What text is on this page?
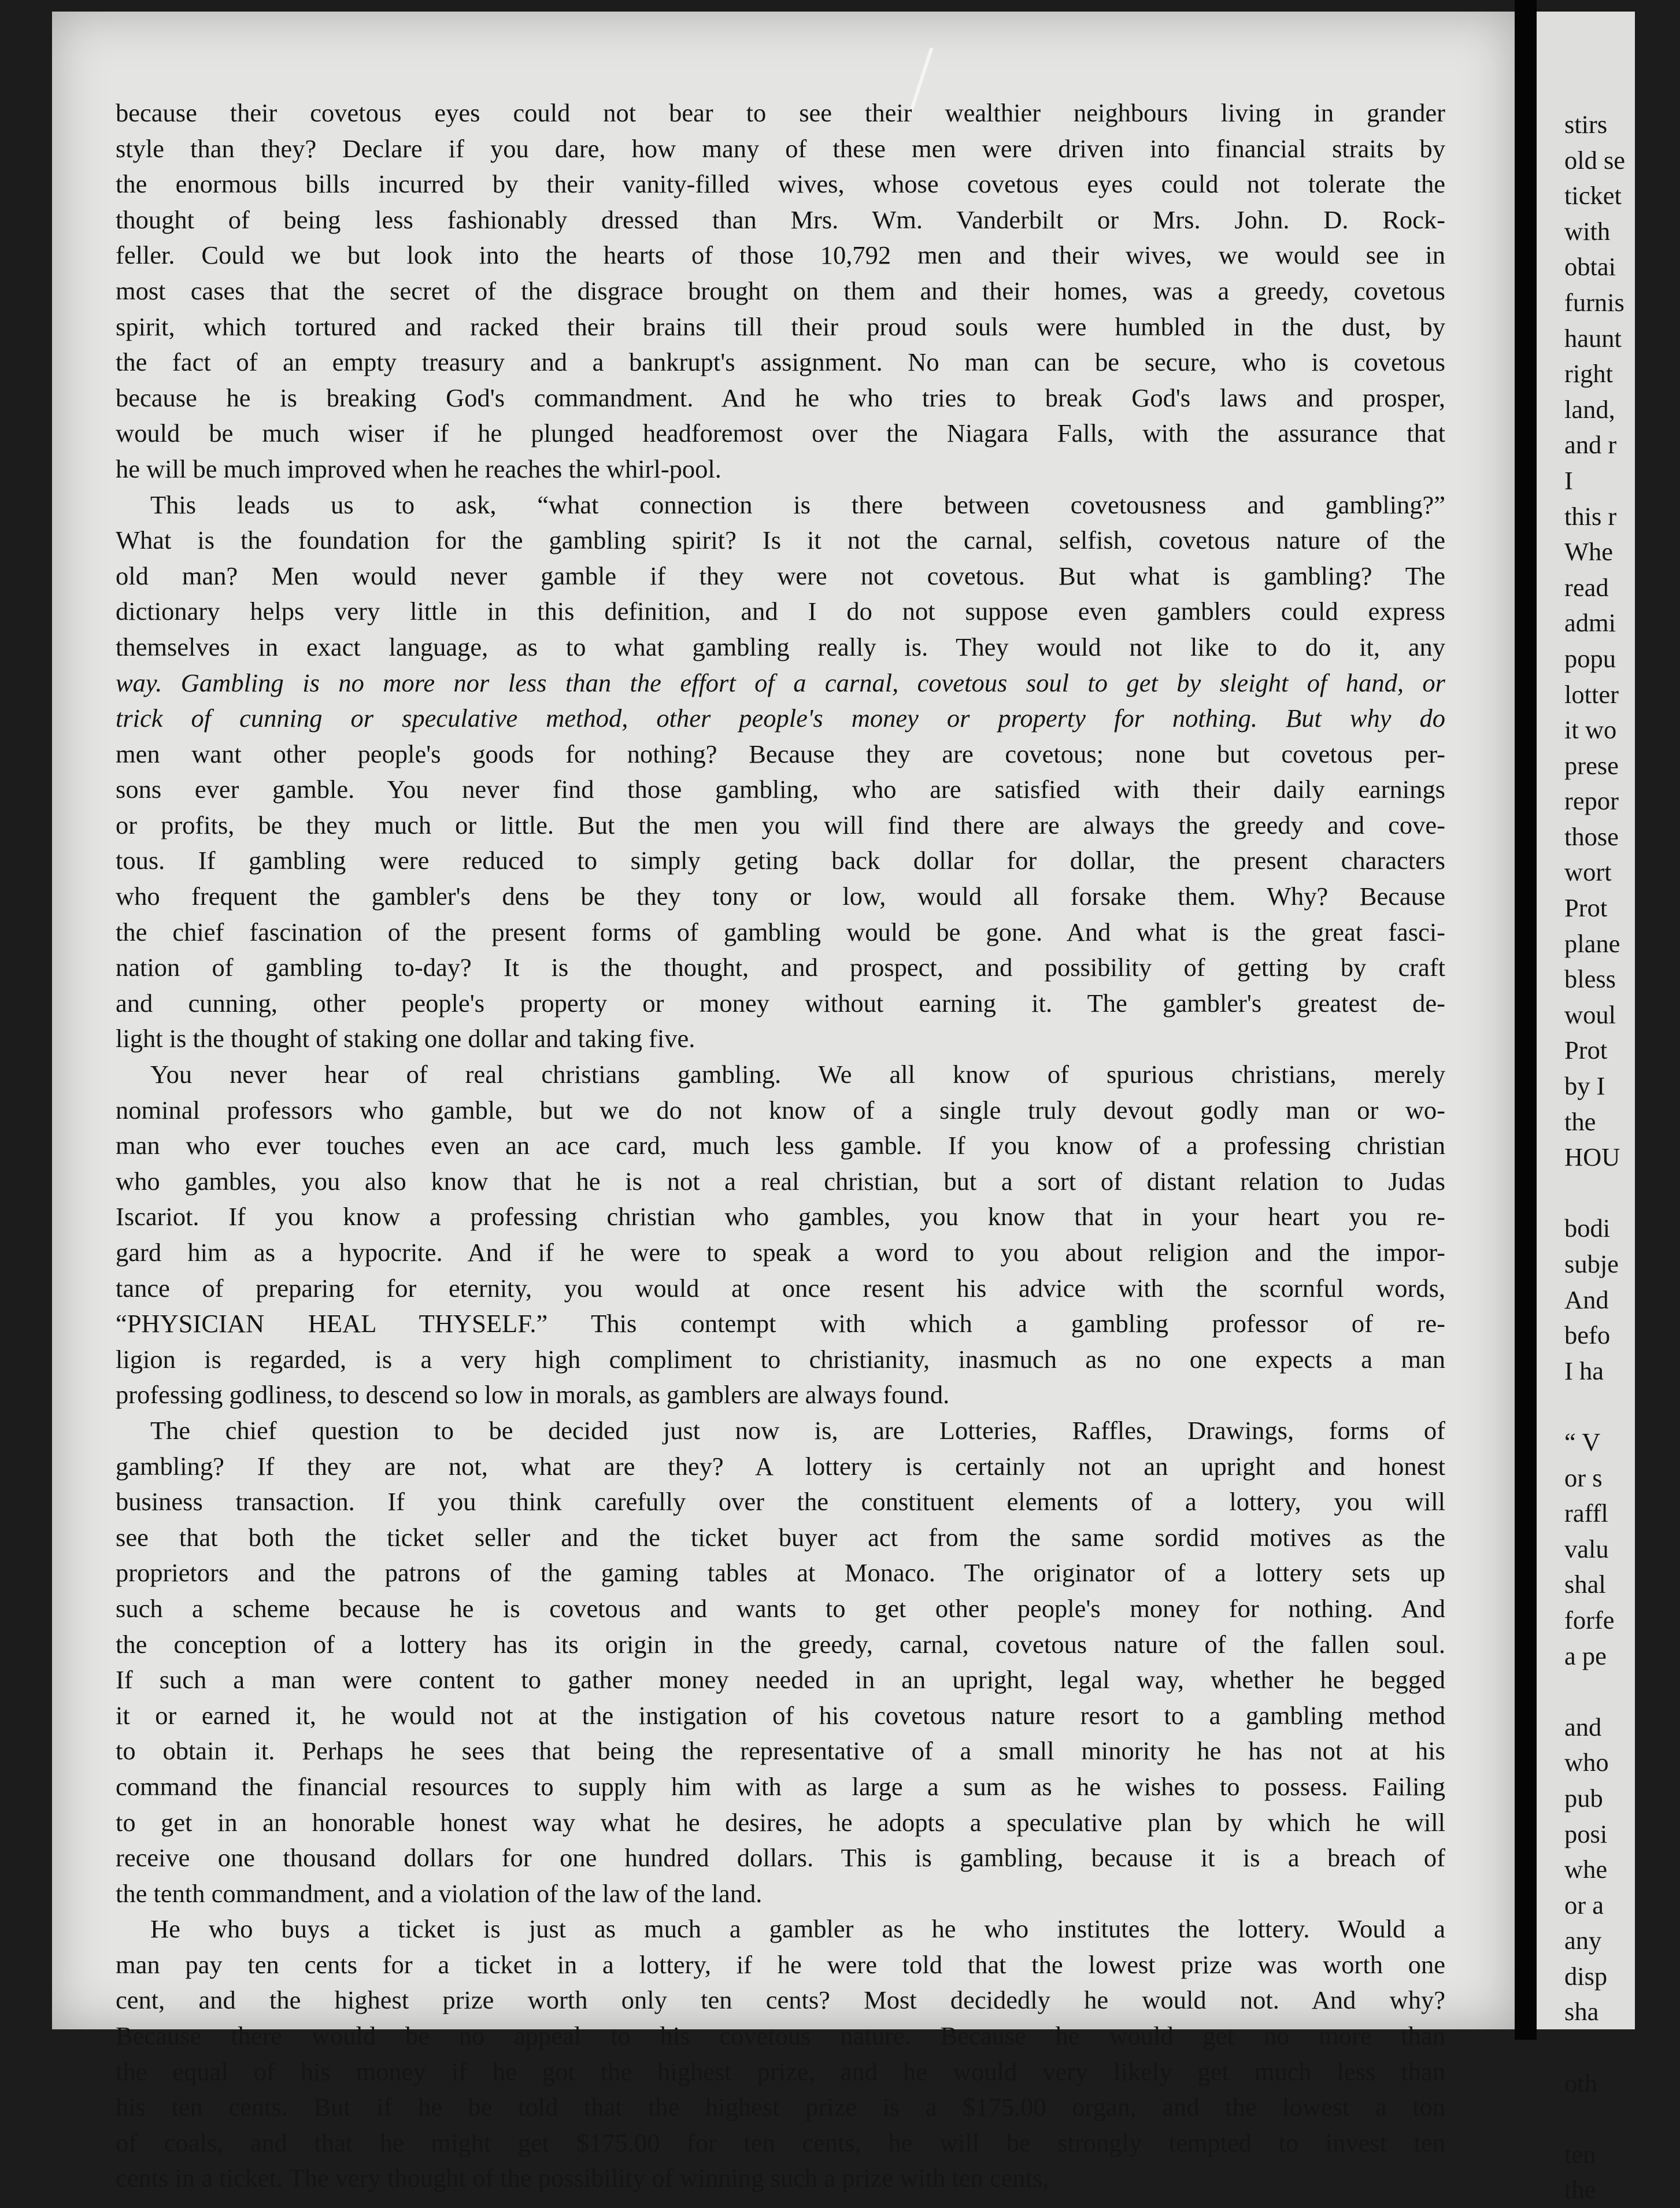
because their covetous eyes could not bear to see their wealthier neighbours living in grander
style than they? Declare if you dare, how many of these men were driven into financial straits by
the enormous bills incurred by their vanity-filled wives, whose covetous eyes could not tolerate the
thought of being less fashionably dressed than Mrs. Wm. Vanderbilt or Mrs. John. D. Rock-
feller. Could we but look into the hearts of those 10,792 men and their wives, we would see in
most cases that the secret of the disgrace brought on them and their homes, was a greedy, covetous
spirit, which tortured and racked their brains till their proud souls were humbled in the dust, by
the fact of an empty treasury and a bankrupt's assignment. No man can be secure, who is covetous
because he is breaking God's commandment. And he who tries to break God's laws and prosper,
would be much wiser if he plunged headforemost over the Niagara Falls, with the assurance that
he will be much improved when he reaches the whirl-pool.
This leads us to ask, “what connection is there between covetousness and gambling?”
What is the foundation for the gambling spirit? Is it not the carnal, selfish, covetous nature of the
old man? Men would never gamble if they were not covetous. But what is gambling? The
dictionary helps very little in this definition, and I do not suppose even gamblers could express
themselves in exact language, as to what gambling really is. They would not like to do it, any
way. Gambling is no more nor less than the effort of a carnal, covetous soul to get by sleight of hand, or
trick of cunning or speculative method, other people's money or property for nothing. But why do
men want other people's goods for nothing? Because they are covetous; none but covetous per-
sons ever gamble. You never find those gambling, who are satisfied with their daily earnings
or profits, be they much or little. But the men you will find there are always the greedy and cove-
tous. If gambling were reduced to simply geting back dollar for dollar, the present characters
who frequent the gambler's dens be they tony or low, would all forsake them. Why? Because
the chief fascination of the present forms of gambling would be gone. And what is the great fasci-
nation of gambling to-day? It is the thought, and prospect, and possibility of getting by craft
and cunning, other people's property or money without earning it. The gambler's greatest de-
light is the thought of staking one dollar and taking five.
You never hear of real christians gambling. We all know of spurious christians, merely
nominal professors who gamble, but we do not know of a single truly devout godly man or wo-
man who ever touches even an ace card, much less gamble. If you know of a professing christian
who gambles, you also know that he is not a real christian, but a sort of distant relation to Judas
Iscariot. If you know a professing christian who gambles, you know that in your heart you re-
gard him as a hypocrite. And if he were to speak a word to you about religion and the impor-
tance of preparing for eternity, you would at once resent his advice with the scornful words,
“PHYSICIAN HEAL THYSELF.” This contempt with which a gambling professor of re-
ligion is regarded, is a very high compliment to christianity, inasmuch as no one expects a man
professing godliness, to descend so low in morals, as gamblers are always found.
The chief question to be decided just now is, are Lotteries, Raffles, Drawings, forms of
gambling? If they are not, what are they? A lottery is certainly not an upright and honest
business transaction. If you think carefully over the constituent elements of a lottery, you will
see that both the ticket seller and the ticket buyer act from the same sordid motives as the
proprietors and the patrons of the gaming tables at Monaco. The originator of a lottery sets up
such a scheme because he is covetous and wants to get other people's money for nothing. And
the conception of a lottery has its origin in the greedy, carnal, covetous nature of the fallen soul.
If such a man were content to gather money needed in an upright, legal way, whether he begged
it or earned it, he would not at the instigation of his covetous nature resort to a gambling method
to obtain it. Perhaps he sees that being the representative of a small minority he has not at his
command the financial resources to supply him with as large a sum as he wishes to possess. Failing
to get in an honorable honest way what he desires, he adopts a speculative plan by which he will
receive one thousand dollars for one hundred dollars. This is gambling, because it is a breach of
the tenth commandment, and a violation of the law of the land.
He who buys a ticket is just as much a gambler as he who institutes the lottery. Would a
man pay ten cents for a ticket in a lottery, if he were told that the lowest prize was worth one
cent, and the highest prize worth only ten cents? Most decidedly he would not. And why?
Because there would be no appeal to his covetous nature. Because he would get no more than
the equal of his money if he got the highest prize, and he would very likely get much less than
his ten cents. But if he be told that the highest prize is a $175.00 organ, and the lowest a ton
of coals, and that he might get $175.00 for ten cents, he will be strongly tempted to invest ten
cents in a ticket. The very thought of the possibility of winning such a prize with ten cents,
stirs
old se
ticket
with
obtai
furnis
haunt
right
land,
and r
I
this r
Whe
read
admi
popu
lotter
it wo
prese
repor
those
wort
Prot
plane
bless
woul
Prot
by I
the
HOU
bodi
subje
And
befo
I ha
“ V
or s
raffl
valu
shal
forfe
a pe
and
who
pub
posi
whe
or a
any
disp
sha
oth
ten
the
